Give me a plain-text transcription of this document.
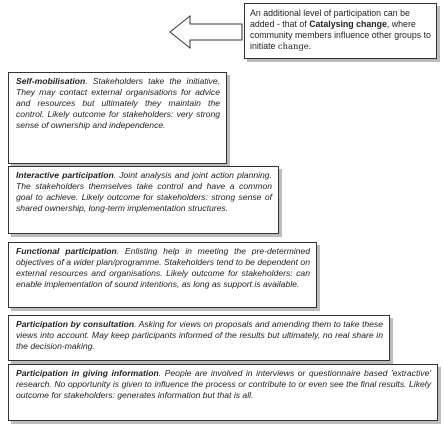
An additional level of participation can be added - that of Catalysing change, where community members influence other groups to initiate change.
Self-mobilisation. Stakeholders take the initiative. They may contact external organisations for advice and resources but ultimately they maintain the control. Likely outcome for stakeholders: very strong sense of ownership and independence.
Interactive participation. Joint analysis and joint action planning. The stakeholders themselves take control and have a common goal to achieve. Likely outcome for stakeholders: strong sense of shared ownership, long-term implementation structures.
Functional participation. Enlisting help in meeting the pre-determined objectives of a wider plan/programme. Stakeholders tend to be dependent on external resources and organisations. Likely outcome for stakeholders: can enable implementation of sound intentions, as long as support is available.
Participation by consultation. Asking for views on proposals and amending them to take these views into account. May keep participants informed of the results but ultimately, no real share in the decision-making.
Participation in giving information. People are involved in interviews or questionnaire based 'extractive' research. No opportunity is given to influence the process or contribute to or even see the final results. Likely outcome for stakeholders: generates information but that is all.
